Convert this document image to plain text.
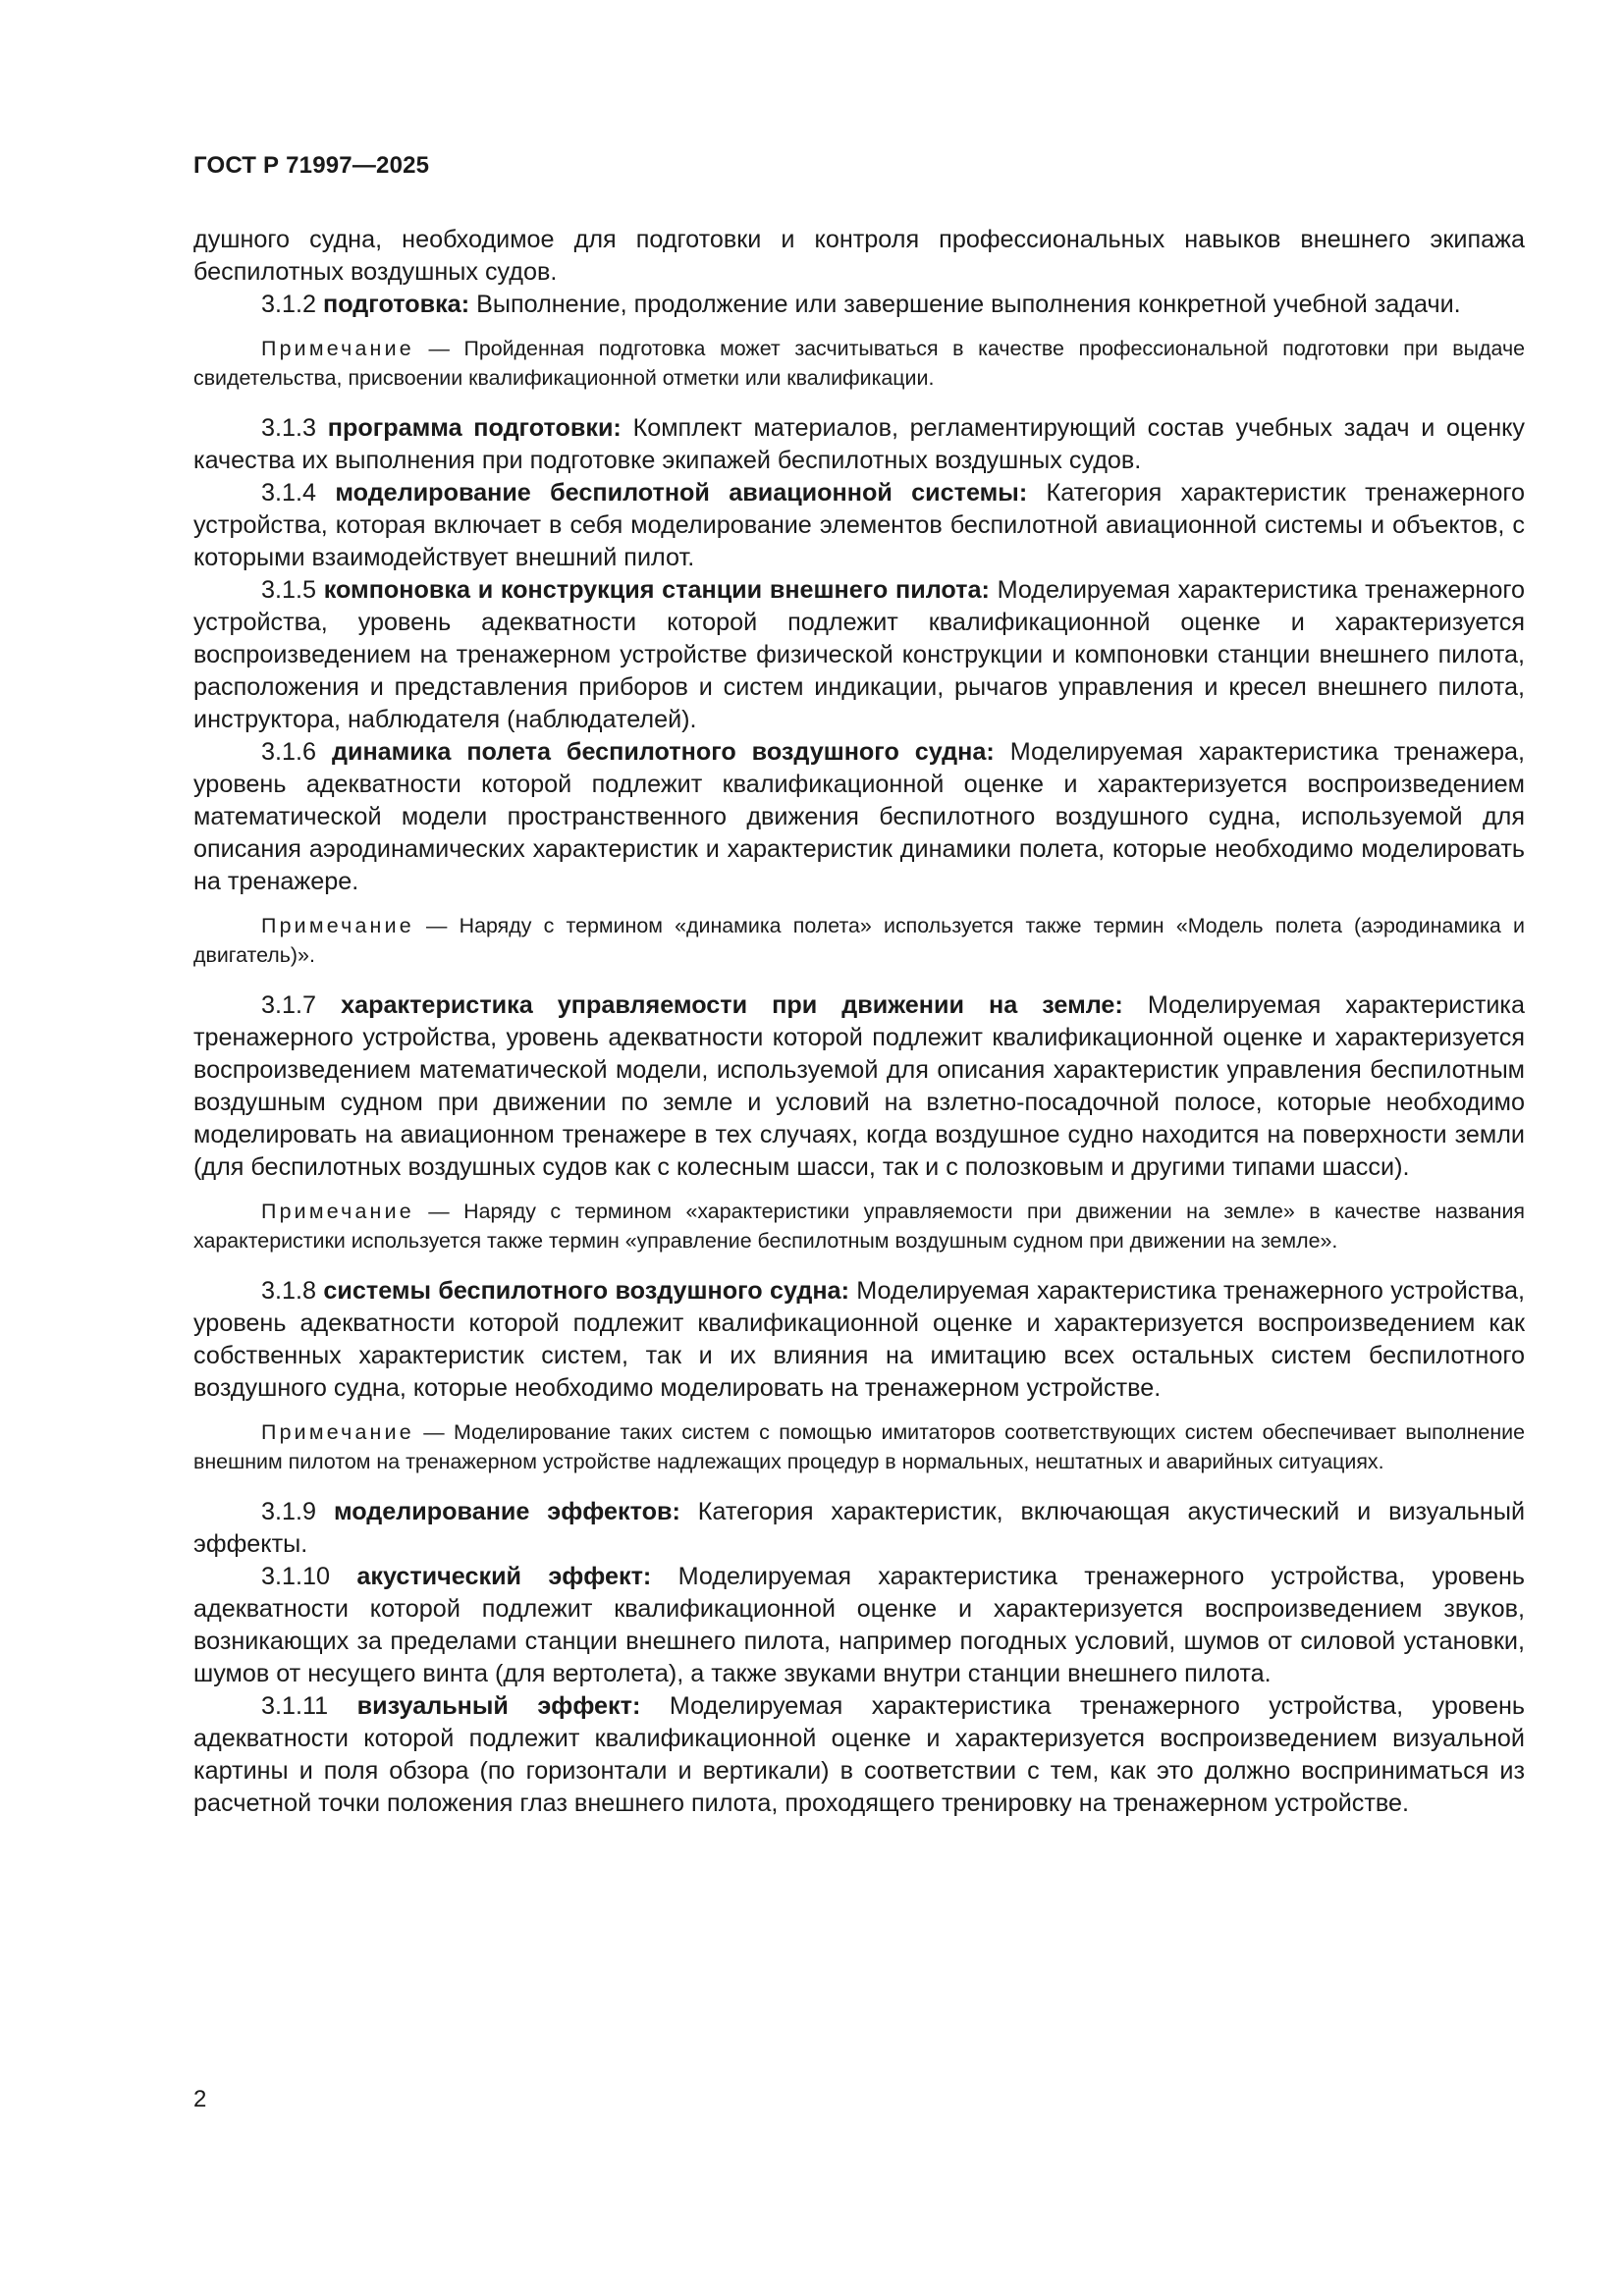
ГОСТ Р 71997—2025

душного судна, необходимое для подготовки и контроля профессиональных навыков внешнего экипажа беспилотных воздушных судов.

3.1.2 подготовка: Выполнение, продолжение или завершение выполнения конкретной учебной задачи.

Примечание — Пройденная подготовка может засчитываться в качестве профессиональной подготовки при выдаче свидетельства, присвоении квалификационной отметки или квалификации.

3.1.3 программа подготовки: Комплект материалов, регламентирующий состав учебных задач и оценку качества их выполнения при подготовке экипажей беспилотных воздушных судов.

3.1.4 моделирование беспилотной авиационной системы: Категория характеристик тренажерного устройства, которая включает в себя моделирование элементов беспилотной авиационной системы и объектов, с которыми взаимодействует внешний пилот.

3.1.5 компоновка и конструкция станции внешнего пилота: Моделируемая характеристика тренажерного устройства, уровень адекватности которой подлежит квалификационной оценке и характеризуется воспроизведением на тренажерном устройстве физической конструкции и компоновки станции внешнего пилота, расположения и представления приборов и систем индикации, рычагов управления и кресел внешнего пилота, инструктора, наблюдателя (наблюдателей).

3.1.6 динамика полета беспилотного воздушного судна: Моделируемая характеристика тренажера, уровень адекватности которой подлежит квалификационной оценке и характеризуется воспроизведением математической модели пространственного движения беспилотного воздушного судна, используемой для описания аэродинамических характеристик и характеристик динамики полета, которые необходимо моделировать на тренажере.

Примечание — Наряду с термином «динамика полета» используется также термин «Модель полета (аэродинамика и двигатель)».

3.1.7 характеристика управляемости при движении на земле: Моделируемая характеристика тренажерного устройства, уровень адекватности которой подлежит квалификационной оценке и характеризуется воспроизведением математической модели, используемой для описания характеристик управления беспилотным воздушным судном при движении по земле и условий на взлетно-посадочной полосе, которые необходимо моделировать на авиационном тренажере в тех случаях, когда воздушное судно находится на поверхности земли (для беспилотных воздушных судов как с колесным шасси, так и с полозковым и другими типами шасси).

Примечание — Наряду с термином «характеристики управляемости при движении на земле» в качестве названия характеристики используется также термин «управление беспилотным воздушным судном при движении на земле».

3.1.8 системы беспилотного воздушного судна: Моделируемая характеристика тренажерного устройства, уровень адекватности которой подлежит квалификационной оценке и характеризуется воспроизведением как собственных характеристик систем, так и их влияния на имитацию всех остальных систем беспилотного воздушного судна, которые необходимо моделировать на тренажерном устройстве.

Примечание — Моделирование таких систем с помощью имитаторов соответствующих систем обеспечивает выполнение внешним пилотом на тренажерном устройстве надлежащих процедур в нормальных, нештатных и аварийных ситуациях.

3.1.9 моделирование эффектов: Категория характеристик, включающая акустический и визуальный эффекты.

3.1.10 акустический эффект: Моделируемая характеристика тренажерного устройства, уровень адекватности которой подлежит квалификационной оценке и характеризуется воспроизведением звуков, возникающих за пределами станции внешнего пилота, например погодных условий, шумов от силовой установки, шумов от несущего винта (для вертолета), а также звуками внутри станции внешнего пилота.

3.1.11 визуальный эффект: Моделируемая характеристика тренажерного устройства, уровень адекватности которой подлежит квалификационной оценке и характеризуется воспроизведением визуальной картины и поля обзора (по горизонтали и вертикали) в соответствии с тем, как это должно восприниматься из расчетной точки положения глаз внешнего пилота, проходящего тренировку на тренажерном устройстве.

2
